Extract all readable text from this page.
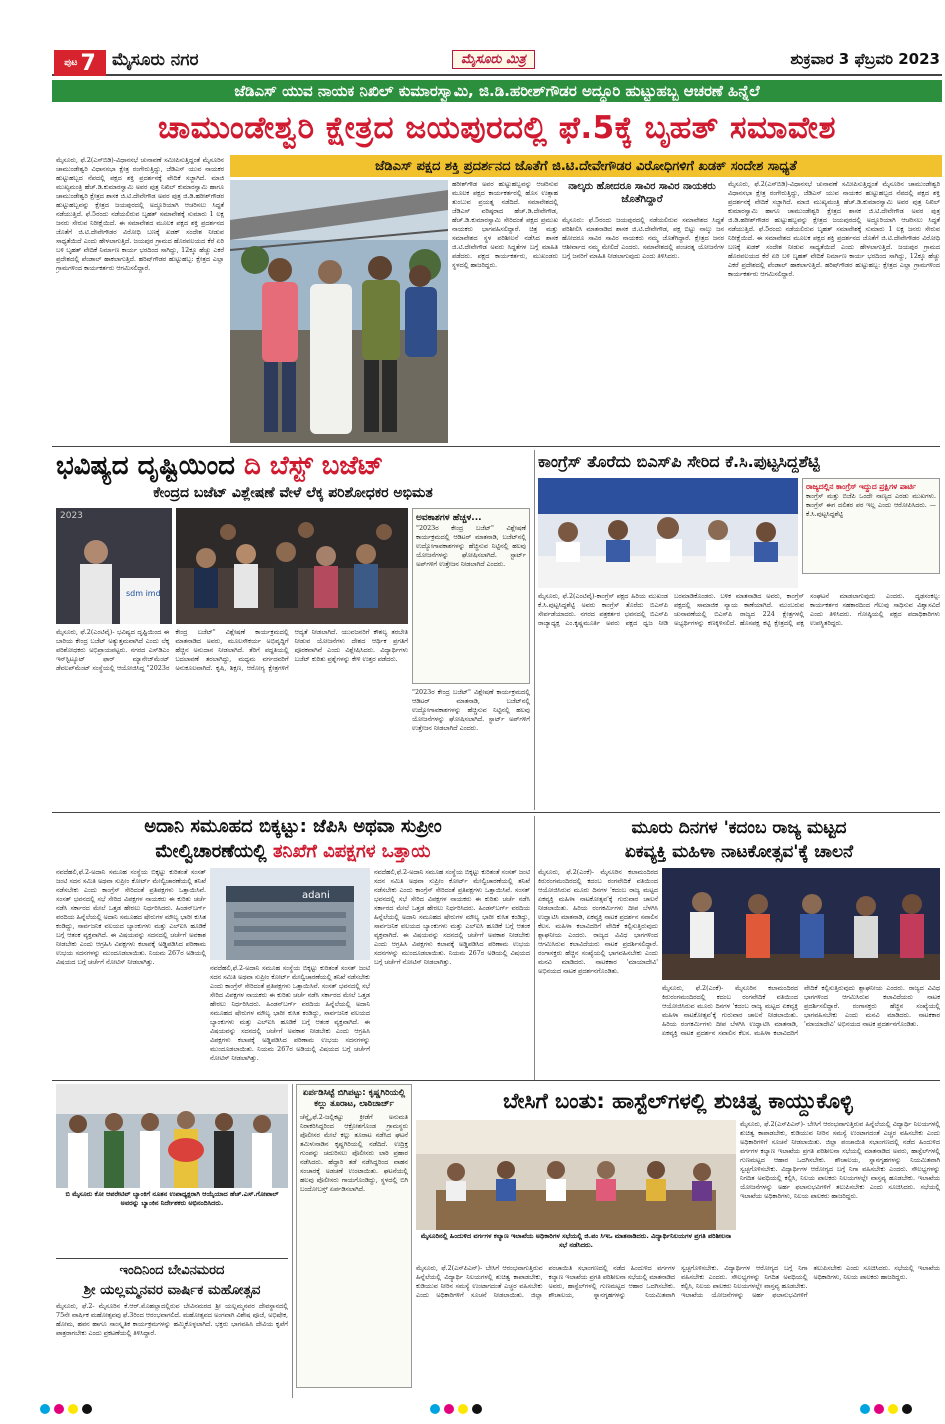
ಪುಟ 7 ಮೈಸೂರು ನಗರ	ಮೈಸೂರು ಮಿತ್ರ	ಶುಕ್ರವಾರ 3 ಫೆಬ್ರವರಿ 2023
ಜೆಡಿಎಸ್ ಯುವ ನಾಯಕ ನಿಖಿಲ್ ಕುಮಾರಸ್ವಾಮಿ, ಜಿ.ಡಿ.ಹರೀಶ್‌ಗೌಡರ ಅದ್ಧೂರಿ ಹುಟ್ಟುಹಬ್ಬ ಆಚರಣೆ ಹಿನ್ನೆಲೆ
ಚಾಮುಂಡೇಶ್ವರಿ ಕ್ಷೇತ್ರದ ಜಯಪುರದಲ್ಲಿ ಫೆ.5ಕ್ಕೆ ಬೃಹತ್ ಸಮಾವೇಶ
ಜೆಡಿಎಸ್ ಪಕ್ಷದ ಶಕ್ತಿ ಪ್ರದರ್ಶನದ ಜೊತೆಗೆ ಜಿ.ಟಿ.ದೇವೇಗೌಡರ ವಿರೋಧಿಗಳಿಗೆ ಖಡಕ್ ಸಂದೇಶ ಸಾಧ್ಯತೆ
ಮೈಸೂರು, ಫೆ.2(ಎಸ್‌ಬಿಡಿ)-ವಿಧಾನಸಭೆ ಚುನಾವಣೆ ಸಮೀಪಿಸುತ್ತಿದ್ದಂತೆ ಮೈಸೂರಿನ ಚಾಮುಂಡೇಶ್ವರಿ ವಿಧಾನಸಭಾ ಕ್ಷೇತ್ರ ರಂಗೇರುತ್ತಿದ್ದು, ಜೆಡಿಎಸ್ ಯುವ ನಾಯಕರ ಹುಟ್ಟುಹಬ್ಬದ ನೆಪದಲ್ಲಿ ಪಕ್ಷದ ಶಕ್ತಿ ಪ್ರದರ್ಶನಕ್ಕೆ ವೇದಿಕೆ ಸಜ್ಜಾಗಿದೆ. ಮಾಜಿ ಮುಖ್ಯಮಂತ್ರಿ ಹೆಚ್.ಡಿ.ಕುಮಾರಸ್ವಾಮಿ ಅವರ ಪುತ್ರ ನಿಖಿಲ್ ಕುಮಾರಸ್ವಾಮಿ ಹಾಗೂ ಚಾಮುಂಡೇಶ್ವರಿ ಕ್ಷೇತ್ರದ ಶಾಸಕ ಜಿ.ಟಿ.ದೇವೇಗೌಡ ಅವರ ಪುತ್ರ ಜಿ.ಡಿ.ಹರೀಶ್‌ಗೌಡರ ಹುಟ್ಟುಹಬ್ಬವನ್ನು ಕ್ಷೇತ್ರದ ಜಯಪುರದಲ್ಲಿ ಅದ್ಧೂರಿಯಾಗಿ ಆಚರಿಸಲು ಸಿದ್ಧತೆ ನಡೆಯುತ್ತಿದೆ. ಫೆ.5ರಂದು ನಡೆಯಲಿರುವ ಬೃಹತ್ ಸಮಾವೇಶಕ್ಕೆ ಸುಮಾರು 1 ಲಕ್ಷ ಜನರು ಸೇರುವ ನಿರೀಕ್ಷೆಯಿದೆ. ಈ ಸಮಾವೇಶದ ಮೂಲಕ ಪಕ್ಷದ ಶಕ್ತಿ ಪ್ರದರ್ಶನದ ಜೊತೆಗೆ ಜಿ.ಟಿ.ದೇವೇಗೌಡರ ವಿರೋಧಿ ಬಣಕ್ಕೆ ಖಡಕ್ ಸಂದೇಶ ನೀಡುವ ಸಾಧ್ಯತೆಯಿದೆ ಎಂದು ಹೇಳಲಾಗುತ್ತಿದೆ. ಜಯಪುರ ಗ್ರಾಮದ ಹೊರವಲಯದ ಕೆರೆ ಏರಿ ಬಳಿ ಬೃಹತ್ ವೇದಿಕೆ ನಿರ್ಮಾಣ ಕಾರ್ಯ ಭರದಿಂದ ಸಾಗಿದ್ದು, 12ಕ್ಕೂ ಹೆಚ್ಚು ಎಕರೆ ಪ್ರದೇಶದಲ್ಲಿ ಪೆಂಡಾಲ್ ಹಾಕಲಾಗುತ್ತಿದೆ. ಹರಿಷ್‌ಗೌಡರ ಹುಟ್ಟುಹಬ್ಬ: ಕ್ಷೇತ್ರದ ಎಲ್ಲಾ ಗ್ರಾಮಗಳಿಂದ ಕಾರ್ಯಕರ್ತರು ಆಗಮಿಸಲಿದ್ದಾರೆ.
ಹರೀಶ್‌ಗೌಡ ಅವರ ಹುಟ್ಟುಹಬ್ಬವನ್ನು ಆಚರಿಸುವ ಮೂಲಕ ಪಕ್ಷದ ಕಾರ್ಯಕರ್ತರಲ್ಲಿ ಹೊಸ ಉತ್ಸಾಹ ತುಂಬುವ ಪ್ರಯತ್ನ ನಡೆದಿದೆ. ಸಮಾವೇಶದಲ್ಲಿ ಜೆಡಿಎಸ್ ವರಿಷ್ಠರಾದ ಹೆಚ್.ಡಿ.ದೇವೇಗೌಡ, ಹೆಚ್.ಡಿ.ಕುಮಾರಸ್ವಾಮಿ ಸೇರಿದಂತೆ ಪಕ್ಷದ ಪ್ರಮುಖ ನಾಯಕರು ಭಾಗವಹಿಸಲಿದ್ದಾರೆ. ಚಿತ್ರ ಮತ್ತು ಸಮಾವೇಶದ ಸ್ಥಳ ಪರಿಶೀಲನೆ ನಡೆಸಿದ ಶಾಸಕ ಜಿ.ಟಿ.ದೇವೇಗೌಡ ಅವರು ಸಿದ್ಧತೆಗಳ ಬಗ್ಗೆ ಮಾಹಿತಿ ಪಡೆದರು. ಪಕ್ಷದ ಕಾರ್ಯಕರ್ತರು, ಮುಖಂಡರು ಸ್ಥಳದಲ್ಲಿ ಹಾಜರಿದ್ದರು.
ನಾಲ್ಕರು ಹೋದರೂ ಸಾವಿರ ಸಾವಿರ ನಾಯಕರು ಜೊತೆಗಿದ್ದಾರೆ
ಮೈಸೂರು: ಫೆ.5ರಂದು ಜಯಪುರದಲ್ಲಿ ನಡೆಯಲಿರುವ ಸಮಾವೇಶದ ಸಿದ್ಧತೆ ಪರಿಶೀಲಿಸಿ ಮಾತನಾಡಿದ ಶಾಸಕ ಜಿ.ಟಿ.ದೇವೇಗೌಡ, ಪಕ್ಷ ಬಿಟ್ಟು ನಾಲ್ಕು ಜನ ಹೋದರೂ ಸಾವಿರ ಸಾವಿರ ನಾಯಕರು ನಮ್ಮ ಜೊತೆಗಿದ್ದಾರೆ. ಕ್ಷೇತ್ರದ ಜನರ ಆಶೀರ್ವಾದ ನಮ್ಮ ಮೇಲಿದೆ ಎಂದರು. ಸಮಾವೇಶದಲ್ಲಿ ಪಂಚರತ್ನ ಯೋಜನೆಗಳ ಬಗ್ಗೆ ಜನರಿಗೆ ಮಾಹಿತಿ ನೀಡಲಾಗುವುದು ಎಂದು ತಿಳಿಸಿದರು.
ಮೈಸೂರು, ಫೆ.2(ಎಸ್‌ಬಿಡಿ)-ವಿಧಾನಸಭೆ ಚುನಾವಣೆ ಸಮೀಪಿಸುತ್ತಿದ್ದಂತೆ ಮೈಸೂರಿನ ಚಾಮುಂಡೇಶ್ವರಿ ವಿಧಾನಸಭಾ ಕ್ಷೇತ್ರ ರಂಗೇರುತ್ತಿದ್ದು, ಜೆಡಿಎಸ್ ಯುವ ನಾಯಕರ ಹುಟ್ಟುಹಬ್ಬದ ನೆಪದಲ್ಲಿ ಪಕ್ಷದ ಶಕ್ತಿ ಪ್ರದರ್ಶನಕ್ಕೆ ವೇದಿಕೆ ಸಜ್ಜಾಗಿದೆ. ಮಾಜಿ ಮುಖ್ಯಮಂತ್ರಿ ಹೆಚ್.ಡಿ.ಕುಮಾರಸ್ವಾಮಿ ಅವರ ಪುತ್ರ ನಿಖಿಲ್ ಕುಮಾರಸ್ವಾಮಿ ಹಾಗೂ ಚಾಮುಂಡೇಶ್ವರಿ ಕ್ಷೇತ್ರದ ಶಾಸಕ ಜಿ.ಟಿ.ದೇವೇಗೌಡ ಅವರ ಪುತ್ರ ಜಿ.ಡಿ.ಹರೀಶ್‌ಗೌಡರ ಹುಟ್ಟುಹಬ್ಬವನ್ನು ಕ್ಷೇತ್ರದ ಜಯಪುರದಲ್ಲಿ ಅದ್ಧೂರಿಯಾಗಿ ಆಚರಿಸಲು ಸಿದ್ಧತೆ ನಡೆಯುತ್ತಿದೆ. ಫೆ.5ರಂದು ನಡೆಯಲಿರುವ ಬೃಹತ್ ಸಮಾವೇಶಕ್ಕೆ ಸುಮಾರು 1 ಲಕ್ಷ ಜನರು ಸೇರುವ ನಿರೀಕ್ಷೆಯಿದೆ. ಈ ಸಮಾವೇಶದ ಮೂಲಕ ಪಕ್ಷದ ಶಕ್ತಿ ಪ್ರದರ್ಶನದ ಜೊತೆಗೆ ಜಿ.ಟಿ.ದೇವೇಗೌಡರ ವಿರೋಧಿ ಬಣಕ್ಕೆ ಖಡಕ್ ಸಂದೇಶ ನೀಡುವ ಸಾಧ್ಯತೆಯಿದೆ ಎಂದು ಹೇಳಲಾಗುತ್ತಿದೆ. ಜಯಪುರ ಗ್ರಾಮದ ಹೊರವಲಯದ ಕೆರೆ ಏರಿ ಬಳಿ ಬೃಹತ್ ವೇದಿಕೆ ನಿರ್ಮಾಣ ಕಾರ್ಯ ಭರದಿಂದ ಸಾಗಿದ್ದು, 12ಕ್ಕೂ ಹೆಚ್ಚು ಎಕರೆ ಪ್ರದೇಶದಲ್ಲಿ ಪೆಂಡಾಲ್ ಹಾಕಲಾಗುತ್ತಿದೆ. ಹರಿಷ್‌ಗೌಡರ ಹುಟ್ಟುಹಬ್ಬ: ಕ್ಷೇತ್ರದ ಎಲ್ಲಾ ಗ್ರಾಮಗಳಿಂದ ಕಾರ್ಯಕರ್ತರು ಆಗಮಿಸಲಿದ್ದಾರೆ.
ಭವಿಷ್ಯದ ದೃಷ್ಟಿಯಿಂದ ದಿ ಬೆಸ್ಟ್ ಬಜೆಟ್
ಕೇಂದ್ರದ ಬಜೆಟ್ ವಿಶ್ಲೇಷಣೆ ವೇಳೆ ಲೆಕ್ಕ ಪರಿಶೋಧಕರ ಅಭಿಮತ
2023
sdm imd
ಅವಕಾಶಗಳ ಹೆಚ್ಚಳ...
"2023ರ ಕೇಂದ್ರ ಬಜೆಟ್" ವಿಶ್ಲೇಷಣೆ ಕಾರ್ಯಕ್ರಮದಲ್ಲಿ ಆಡಿಟರ್ ಮಾತನಾಡಿ, ಬಜೆಟ್‌ನಲ್ಲಿ ಉದ್ಯೋಗಾವಕಾಶಗಳನ್ನು ಹೆಚ್ಚಿಸುವ ನಿಟ್ಟಿನಲ್ಲಿ ಹಲವು ಯೋಜನೆಗಳನ್ನು ಘೋಷಿಸಲಾಗಿದೆ. ಸ್ಟಾರ್ಟ್ ಅಪ್‌ಗಳಿಗೆ ಉತ್ತೇಜನ ನೀಡಲಾಗಿದೆ ಎಂದರು.
ಮೈಸೂರು, ಫೆ.2(ಎಂಟಿವೈ)- ಭವಿಷ್ಯದ ದೃಷ್ಟಿಯಿಂದ ಈ ಬಾರಿಯ ಕೇಂದ್ರ ಬಜೆಟ್ ಅತ್ಯುತ್ತಮವಾಗಿದೆ ಎಂದು ಲೆಕ್ಕ ಪರಿಶೋಧಕರು ಅಭಿಪ್ರಾಯಪಟ್ಟರು. ನಗರದ ಎಸ್‌ಡಿಎಂ ಇನ್‌ಸ್ಟಿಟ್ಯೂಟ್ ಫಾರ್ ಮ್ಯಾನೇಜ್‌ಮೆಂಟ್ ಡೆವಲಪ್‌ಮೆಂಟ್ ಸಂಸ್ಥೆಯಲ್ಲಿ ಆಯೋಜಿಸಿದ್ದ "2023ರ ಕೇಂದ್ರ ಬಜೆಟ್" ವಿಶ್ಲೇಷಣೆ ಕಾರ್ಯಕ್ರಮದಲ್ಲಿ ಮಾತನಾಡಿದ ಅವರು, ಮೂಲಸೌಕರ್ಯ ಅಭಿವೃದ್ಧಿಗೆ ಹೆಚ್ಚಿನ ಅನುದಾನ ನೀಡಲಾಗಿದೆ. ತೆರಿಗೆ ಪದ್ಧತಿಯಲ್ಲಿ ಬದಲಾವಣೆ ತರಲಾಗಿದ್ದು, ಮಧ್ಯಮ ವರ್ಗದವರಿಗೆ ಅನುಕೂಲವಾಗಿದೆ. ಕೃಷಿ, ಶಿಕ್ಷಣ, ಆರೋಗ್ಯ ಕ್ಷೇತ್ರಗಳಿಗೆ ಆದ್ಯತೆ ನೀಡಲಾಗಿದೆ. ಯುವಜನರಿಗೆ ಕೌಶಲ್ಯ ತರಬೇತಿ ನೀಡುವ ಯೋಜನೆಗಳು ದೇಶದ ಆರ್ಥಿಕ ಪ್ರಗತಿಗೆ ಪೂರಕವಾಗಿವೆ ಎಂದು ವಿಶ್ಲೇಷಿಸಿದರು. ವಿದ್ಯಾರ್ಥಿಗಳು ಬಜೆಟ್ ಕುರಿತು ಪ್ರಶ್ನೆಗಳನ್ನು ಕೇಳಿ ಉತ್ತರ ಪಡೆದರು.
"2023ರ ಕೇಂದ್ರ ಬಜೆಟ್" ವಿಶ್ಲೇಷಣೆ ಕಾರ್ಯಕ್ರಮದಲ್ಲಿ ಆಡಿಟರ್ ಮಾತನಾಡಿ, ಬಜೆಟ್‌ನಲ್ಲಿ ಉದ್ಯೋಗಾವಕಾಶಗಳನ್ನು ಹೆಚ್ಚಿಸುವ ನಿಟ್ಟಿನಲ್ಲಿ ಹಲವು ಯೋಜನೆಗಳನ್ನು ಘೋಷಿಸಲಾಗಿದೆ. ಸ್ಟಾರ್ಟ್ ಅಪ್‌ಗಳಿಗೆ ಉತ್ತೇಜನ ನೀಡಲಾಗಿದೆ ಎಂದರು.
ಕಾಂಗ್ರೆಸ್ ತೊರೆದು ಬಿಎಸ್‌ಪಿ ಸೇರಿದ ಕೆ.ಸಿ.ಪುಟ್ಟಸಿದ್ದಶೆಟ್ಟಿ
ರಾಜ್ಯದಲ್ಲಿನ ಕಾಂಗ್ರೆಸ್ ಇದ್ದುದ ಪ್ರಕ್ಷಿಗಳ ಪಾರ್ಟಿ
ಕಾಂಗ್ರೆಸ್ ಮತ್ತು ಬಿಜೆಪಿ ಒಂದೇ ನಾಣ್ಯದ ಎರಡು ಮುಖಗಳು. ಕಾಂಗ್ರೆಸ್ ಈಗ ದಲಿತರ ಪರ ಇಲ್ಲ ಎಂದು ಆರೋಪಿಸಿದರು. — ಕೆ.ಸಿ.ಪುಟ್ಟಸಿದ್ದಶೆಟ್ಟಿ
ಮೈಸೂರು, ಫೆ.2(ಎಂಟಿವೈ)-ಕಾಂಗ್ರೆಸ್ ಪಕ್ಷದ ಹಿರಿಯ ಮುಖಂಡ ಕೆ.ಸಿ.ಪುಟ್ಟಸಿದ್ದಶೆಟ್ಟಿ ಅವರು ಕಾಂಗ್ರೆಸ್ ತೊರೆದು ಬಿಎಸ್‌ಪಿ ಸೇರ್ಪಡೆಯಾದರು. ನಗರದ ಪತ್ರಕರ್ತರ ಭವನದಲ್ಲಿ ಬಿಎಸ್‌ಪಿ ರಾಜ್ಯಾಧ್ಯಕ್ಷ ಎಂ.ಕೃಷ್ಣಮೂರ್ತಿ ಅವರು ಪಕ್ಷದ ಧ್ವಜ ನೀಡಿ ಬರಮಾಡಿಕೊಂಡರು. ಬಳಿಕ ಮಾತನಾಡಿದ ಅವರು, ಕಾಂಗ್ರೆಸ್ ಪಕ್ಷದಲ್ಲಿ ಸಾಮಾಜಿಕ ನ್ಯಾಯ ಕಾಣೆಯಾಗಿದೆ. ಮುಂಬರುವ ಚುನಾವಣೆಯಲ್ಲಿ ಬಿಎಸ್‌ಪಿ ರಾಜ್ಯದ 224 ಕ್ಷೇತ್ರಗಳಲ್ಲಿ ಅಭ್ಯರ್ಥಿಗಳನ್ನು ಕಣಕ್ಕಿಳಿಸಲಿದೆ. ಹೊಸಪಕ್ಷ ಕಟ್ಟಿ ಕ್ಷೇತ್ರದಲ್ಲಿ ಪಕ್ಷ ಸಂಘಟನೆ ಮಾಡಲಾಗುವುದು ಎಂದರು. ದೃಢಸಂಕಲ್ಪ: ಕಾರ್ಯಕರ್ತರ ಸಹಕಾರದಿಂದ ಗೆಲುವು ಸಾಧಿಸುವ ವಿಶ್ವಾಸವಿದೆ ಎಂದು ತಿಳಿಸಿದರು. ಗೋಷ್ಠಿಯಲ್ಲಿ ಪಕ್ಷದ ಪದಾಧಿಕಾರಿಗಳು ಉಪಸ್ಥಿತರಿದ್ದರು.
ಅದಾನಿ ಸಮೂಹದ ಬಿಕ್ಕಟ್ಟು: ಜೆಪಿಸಿ ಅಥವಾ ಸುಪ್ರೀಂ
ಮೇಲ್ವಿಚಾರಣೆಯಲ್ಲಿ ತನಿಖೆಗೆ ವಿಪಕ್ಷಗಳ ಒತ್ತಾಯ
ನವದೆಹಲಿ,ಫೆ.2-ಅದಾನಿ ಸಮೂಹ ಸಂಸ್ಥೆಯ ಬಿಕ್ಕಟ್ಟು ಕುರಿತಂತೆ ಸಂಸತ್ ಜಂಟಿ ಸದನ ಸಮಿತಿ ಅಥವಾ ಸುಪ್ರೀಂ ಕೋರ್ಟ್ ಮೇಲ್ವಿಚಾರಣೆಯಲ್ಲಿ ತನಿಖೆ ನಡೆಸಬೇಕು ಎಂದು ಕಾಂಗ್ರೆಸ್ ಸೇರಿದಂತೆ ಪ್ರತಿಪಕ್ಷಗಳು ಒತ್ತಾಯಿಸಿವೆ. ಸಂಸತ್ ಭವನದಲ್ಲಿ ಸಭೆ ಸೇರಿದ ವಿಪಕ್ಷಗಳ ನಾಯಕರು ಈ ಕುರಿತು ಚರ್ಚೆ ನಡೆಸಿ ಸರ್ಕಾರದ ಮೇಲೆ ಒತ್ತಡ ಹೇರಲು ನಿರ್ಧರಿಸಿದರು. ಹಿಂಡನ್‌ಬರ್ಗ್ ವರದಿಯ ಹಿನ್ನೆಲೆಯಲ್ಲಿ ಅದಾನಿ ಸಮೂಹದ ಷೇರುಗಳ ಮೌಲ್ಯ ಭಾರೀ ಕುಸಿತ ಕಂಡಿದ್ದು, ಸಾರ್ವಜನಿಕ ವಲಯದ ಬ್ಯಾಂಕುಗಳು ಮತ್ತು ಎಲ್‌ಐಸಿ ಹೂಡಿಕೆ ಬಗ್ಗೆ ಆತಂಕ ವ್ಯಕ್ತವಾಗಿದೆ. ಈ ವಿಷಯವನ್ನು ಸದನದಲ್ಲಿ ಚರ್ಚೆಗೆ ಅವಕಾಶ ನೀಡಬೇಕು ಎಂದು ಆಗ್ರಹಿಸಿ ವಿಪಕ್ಷಗಳು ಕಲಾಪಕ್ಕೆ ಅಡ್ಡಿಪಡಿಸಿದ ಪರಿಣಾಮ ಉಭಯ ಸದನಗಳನ್ನು ಮುಂದೂಡಲಾಯಿತು. ನಿಯಮ 267ರ ಅಡಿಯಲ್ಲಿ ವಿಷಯದ ಬಗ್ಗೆ ಚರ್ಚೆಗೆ ನೋಟಿಸ್ ನೀಡಲಾಗಿತ್ತು.
adani
ನವದೆಹಲಿ,ಫೆ.2-ಅದಾನಿ ಸಮೂಹ ಸಂಸ್ಥೆಯ ಬಿಕ್ಕಟ್ಟು ಕುರಿತಂತೆ ಸಂಸತ್ ಜಂಟಿ ಸದನ ಸಮಿತಿ ಅಥವಾ ಸುಪ್ರೀಂ ಕೋರ್ಟ್ ಮೇಲ್ವಿಚಾರಣೆಯಲ್ಲಿ ತನಿಖೆ ನಡೆಸಬೇಕು ಎಂದು ಕಾಂಗ್ರೆಸ್ ಸೇರಿದಂತೆ ಪ್ರತಿಪಕ್ಷಗಳು ಒತ್ತಾಯಿಸಿವೆ. ಸಂಸತ್ ಭವನದಲ್ಲಿ ಸಭೆ ಸೇರಿದ ವಿಪಕ್ಷಗಳ ನಾಯಕರು ಈ ಕುರಿತು ಚರ್ಚೆ ನಡೆಸಿ ಸರ್ಕಾರದ ಮೇಲೆ ಒತ್ತಡ ಹೇರಲು ನಿರ್ಧರಿಸಿದರು. ಹಿಂಡನ್‌ಬರ್ಗ್ ವರದಿಯ ಹಿನ್ನೆಲೆಯಲ್ಲಿ ಅದಾನಿ ಸಮೂಹದ ಷೇರುಗಳ ಮೌಲ್ಯ ಭಾರೀ ಕುಸಿತ ಕಂಡಿದ್ದು, ಸಾರ್ವಜನಿಕ ವಲಯದ ಬ್ಯಾಂಕುಗಳು ಮತ್ತು ಎಲ್‌ಐಸಿ ಹೂಡಿಕೆ ಬಗ್ಗೆ ಆತಂಕ ವ್ಯಕ್ತವಾಗಿದೆ. ಈ ವಿಷಯವನ್ನು ಸದನದಲ್ಲಿ ಚರ್ಚೆಗೆ ಅವಕಾಶ ನೀಡಬೇಕು ಎಂದು ಆಗ್ರಹಿಸಿ ವಿಪಕ್ಷಗಳು ಕಲಾಪಕ್ಕೆ ಅಡ್ಡಿಪಡಿಸಿದ ಪರಿಣಾಮ ಉಭಯ ಸದನಗಳನ್ನು ಮುಂದೂಡಲಾಯಿತು. ನಿಯಮ 267ರ ಅಡಿಯಲ್ಲಿ ವಿಷಯದ ಬಗ್ಗೆ ಚರ್ಚೆಗೆ ನೋಟಿಸ್ ನೀಡಲಾಗಿತ್ತು.
ನವದೆಹಲಿ,ಫೆ.2-ಅದಾನಿ ಸಮೂಹ ಸಂಸ್ಥೆಯ ಬಿಕ್ಕಟ್ಟು ಕುರಿತಂತೆ ಸಂಸತ್ ಜಂಟಿ ಸದನ ಸಮಿತಿ ಅಥವಾ ಸುಪ್ರೀಂ ಕೋರ್ಟ್ ಮೇಲ್ವಿಚಾರಣೆಯಲ್ಲಿ ತನಿಖೆ ನಡೆಸಬೇಕು ಎಂದು ಕಾಂಗ್ರೆಸ್ ಸೇರಿದಂತೆ ಪ್ರತಿಪಕ್ಷಗಳು ಒತ್ತಾಯಿಸಿವೆ. ಸಂಸತ್ ಭವನದಲ್ಲಿ ಸಭೆ ಸೇರಿದ ವಿಪಕ್ಷಗಳ ನಾಯಕರು ಈ ಕುರಿತು ಚರ್ಚೆ ನಡೆಸಿ ಸರ್ಕಾರದ ಮೇಲೆ ಒತ್ತಡ ಹೇರಲು ನಿರ್ಧರಿಸಿದರು. ಹಿಂಡನ್‌ಬರ್ಗ್ ವರದಿಯ ಹಿನ್ನೆಲೆಯಲ್ಲಿ ಅದಾನಿ ಸಮೂಹದ ಷೇರುಗಳ ಮೌಲ್ಯ ಭಾರೀ ಕುಸಿತ ಕಂಡಿದ್ದು, ಸಾರ್ವಜನಿಕ ವಲಯದ ಬ್ಯಾಂಕುಗಳು ಮತ್ತು ಎಲ್‌ಐಸಿ ಹೂಡಿಕೆ ಬಗ್ಗೆ ಆತಂಕ ವ್ಯಕ್ತವಾಗಿದೆ. ಈ ವಿಷಯವನ್ನು ಸದನದಲ್ಲಿ ಚರ್ಚೆಗೆ ಅವಕಾಶ ನೀಡಬೇಕು ಎಂದು ಆಗ್ರಹಿಸಿ ವಿಪಕ್ಷಗಳು ಕಲಾಪಕ್ಕೆ ಅಡ್ಡಿಪಡಿಸಿದ ಪರಿಣಾಮ ಉಭಯ ಸದನಗಳನ್ನು ಮುಂದೂಡಲಾಯಿತು. ನಿಯಮ 267ರ ಅಡಿಯಲ್ಲಿ ವಿಷಯದ ಬಗ್ಗೆ ಚರ್ಚೆಗೆ ನೋಟಿಸ್ ನೀಡಲಾಗಿತ್ತು.
ಮೂರು ದಿನಗಳ 'ಕದಂಬ ರಾಜ್ಯ ಮಟ್ಟದ
ಏಕವ್ಯಕ್ತಿ ಮಹಿಳಾ ನಾಟಕೋತ್ಸವ'ಕ್ಕೆ ಚಾಲನೆ
ಮೈಸೂರು, ಫೆ.2(ಎಂಕೆ)- ಮೈಸೂರಿನ ಕಲಾಮಂದಿರದ ಕಿರುರಂಗಮಂದಿರದಲ್ಲಿ ಕದಂಬ ರಂಗವೇದಿಕೆ ವತಿಯಿಂದ ಆಯೋಜಿಸಿರುವ ಮೂರು ದಿನಗಳ 'ಕದಂಬ ರಾಜ್ಯ ಮಟ್ಟದ ಏಕವ್ಯಕ್ತಿ ಮಹಿಳಾ ನಾಟಕೋತ್ಸವ'ಕ್ಕೆ ಗುರುವಾರ ಚಾಲನೆ ನೀಡಲಾಯಿತು. ಹಿರಿಯ ರಂಗಕರ್ಮಿಗಳು ದೀಪ ಬೆಳಗಿಸಿ ಉದ್ಘಾಟಿಸಿ ಮಾತನಾಡಿ, ಏಕವ್ಯಕ್ತಿ ನಾಟಕ ಪ್ರದರ್ಶನ ಸವಾಲಿನ ಕೆಲಸ. ಮಹಿಳಾ ಕಲಾವಿದರಿಗೆ ವೇದಿಕೆ ಕಲ್ಪಿಸುತ್ತಿರುವುದು ಶ್ಲಾಘನೀಯ ಎಂದರು. ರಾಜ್ಯದ ವಿವಿಧ ಭಾಗಗಳಿಂದ ಆಗಮಿಸಿರುವ ಕಲಾವಿದೆಯರು ನಾಟಕ ಪ್ರದರ್ಶಿಸಲಿದ್ದಾರೆ. ರಂಗಾಸಕ್ತರು ಹೆಚ್ಚಿನ ಸಂಖ್ಯೆಯಲ್ಲಿ ಭಾಗವಹಿಸಬೇಕು ಎಂದು ಮನವಿ ಮಾಡಿದರು. ನಾಟಕಕಾರ 'ಮಾಯಾದೇವಿ' ಅಭಿನಯದ ನಾಟಕ ಪ್ರದರ್ಶನಗೊಂಡಿತು.
ಮೈಸೂರು, ಫೆ.2(ಎಂಕೆ)- ಮೈಸೂರಿನ ಕಲಾಮಂದಿರದ ಕಿರುರಂಗಮಂದಿರದಲ್ಲಿ ಕದಂಬ ರಂಗವೇದಿಕೆ ವತಿಯಿಂದ ಆಯೋಜಿಸಿರುವ ಮೂರು ದಿನಗಳ 'ಕದಂಬ ರಾಜ್ಯ ಮಟ್ಟದ ಏಕವ್ಯಕ್ತಿ ಮಹಿಳಾ ನಾಟಕೋತ್ಸವ'ಕ್ಕೆ ಗುರುವಾರ ಚಾಲನೆ ನೀಡಲಾಯಿತು. ಹಿರಿಯ ರಂಗಕರ್ಮಿಗಳು ದೀಪ ಬೆಳಗಿಸಿ ಉದ್ಘಾಟಿಸಿ ಮಾತನಾಡಿ, ಏಕವ್ಯಕ್ತಿ ನಾಟಕ ಪ್ರದರ್ಶನ ಸವಾಲಿನ ಕೆಲಸ. ಮಹಿಳಾ ಕಲಾವಿದರಿಗೆ ವೇದಿಕೆ ಕಲ್ಪಿಸುತ್ತಿರುವುದು ಶ್ಲಾಘನೀಯ ಎಂದರು. ರಾಜ್ಯದ ವಿವಿಧ ಭಾಗಗಳಿಂದ ಆಗಮಿಸಿರುವ ಕಲಾವಿದೆಯರು ನಾಟಕ ಪ್ರದರ್ಶಿಸಲಿದ್ದಾರೆ. ರಂಗಾಸಕ್ತರು ಹೆಚ್ಚಿನ ಸಂಖ್ಯೆಯಲ್ಲಿ ಭಾಗವಹಿಸಬೇಕು ಎಂದು ಮನವಿ ಮಾಡಿದರು. ನಾಟಕಕಾರ 'ಮಾಯಾದೇವಿ' ಅಭಿನಯದ ನಾಟಕ ಪ್ರದರ್ಶನಗೊಂಡಿತು.
ಬಿ ಮೈಸೂರು ಕೋ ಆಪರೇಟಿವ್ ಬ್ಯಾಂಕಿಗೆ ನೂತನ ಉಪಾಧ್ಯಕ್ಷರಾಗಿ ಆಯ್ಕೆಯಾದ ಹೆಚ್.ಎಸ್.ಗೋಪಾಲ್ ಅವರನ್ನು ಬ್ಯಾಂಕಿನ ನಿರ್ದೇಶಕರು ಅಭಿನಂದಿಸಿದರು.
ಇಂದಿನಿಂದ ಬೇವಿನಮರದ
ಶ್ರೀ ಯಲ್ಲಮ್ಮನವರ ವಾರ್ಷಿಕ ಮಹೋತ್ಸವ
ಮೈಸೂರು, ಫೆ.2- ಮೈಸೂರಿನ ಕೆ.ಆರ್.ಮೊಹಲ್ಲಾದಲ್ಲಿರುವ ಬೇವಿನಮರದ ಶ್ರೀ ಯಲ್ಲಮ್ಮನವರ ದೇವಸ್ಥಾನದಲ್ಲಿ 75ನೇ ವಾರ್ಷಿಕ ಮಹೋತ್ಸವವು ಫೆ.3ರಿಂದ ಆರಂಭವಾಗಲಿದೆ. ಮಹೋತ್ಸವದ ಅಂಗವಾಗಿ ವಿಶೇಷ ಪೂಜೆ, ಅಭಿಷೇಕ, ಹೋಮ, ಹವನ ಹಾಗೂ ಸಾಂಸ್ಕೃತಿಕ ಕಾರ್ಯಕ್ರಮಗಳನ್ನು ಹಮ್ಮಿಕೊಳ್ಳಲಾಗಿದೆ. ಭಕ್ತರು ಭಾಗವಹಿಸಿ ದೇವಿಯ ಕೃಪೆಗೆ ಪಾತ್ರರಾಗಬೇಕು ಎಂದು ಪ್ರಕಟಣೆಯಲ್ಲಿ ತಿಳಿಸಿದ್ದಾರೆ.
ಏರ್ಪಡಿಸಿಟ್ಟೆ ಬಿಗಿಪಟ್ಟು: ಕೃಷ್ಣಗಿರಿಯಲ್ಲಿ ಕಲ್ಲು ತೂರಾಟ, ಲಾಠಿಚಾರ್ಜ್
ಚೆನ್ನೈ,ಫೆ.2-ಜಲ್ಲಿಕಟ್ಟು ಕ್ರೀಡೆಗೆ ಅನುಮತಿ ನಿರಾಕರಿಸಿದ್ದರಿಂದ ಆಕ್ರೋಶಗೊಂಡ ಗ್ರಾಮಸ್ಥರು ಪೊಲೀಸರ ಮೇಲೆ ಕಲ್ಲು ತೂರಾಟ ನಡೆಸಿದ ಘಟನೆ ತಮಿಳುನಾಡಿನ ಕೃಷ್ಣಗಿರಿಯಲ್ಲಿ ನಡೆದಿದೆ. ಉದ್ರಿಕ್ತ ಗುಂಪನ್ನು ಚದುರಿಸಲು ಪೊಲೀಸರು ಲಾಠಿ ಪ್ರಹಾರ ನಡೆಸಿದರು. ಹೆದ್ದಾರಿ ತಡೆ ನಡೆಸಿದ್ದರಿಂದ ವಾಹನ ಸಂಚಾರಕ್ಕೆ ಅಡಚಣೆ ಉಂಟಾಯಿತು. ಘಟನೆಯಲ್ಲಿ ಹಲವು ಪೊಲೀಸರು ಗಾಯಗೊಂಡಿದ್ದು, ಸ್ಥಳದಲ್ಲಿ ಬಿಗಿ ಬಂದೋಬಸ್ತ್ ಏರ್ಪಡಿಸಲಾಗಿದೆ.
ಬೇಸಿಗೆ ಬಂತು: ಹಾಸ್ಟೆಲ್‌ಗಳಲ್ಲಿ ಶುಚಿತ್ವ ಕಾಯ್ದುಕೊಳ್ಳಿ
ಮೈಸೂರಿನಲ್ಲಿ ಹಿಂದುಳಿದ ವರ್ಗಗಳ ಕಲ್ಯಾಣ ಇಲಾಖೆಯ ಅಧಿಕಾರಿಗಳ ಸಭೆಯಲ್ಲಿ ಜಿ.ಪಂ ಸಿಇಒ ಮಾತನಾಡಿದರು. ವಿದ್ಯಾರ್ಥಿನಿಲಯಗಳ ಪ್ರಗತಿ ಪರಿಶೀಲನಾ ಸಭೆ ನಡೆಸಿದರು.
ಮೈಸೂರು, ಫೆ.2(ಎಸ್‌ಪಿಎನ್)- ಬೇಸಿಗೆ ಆರಂಭವಾಗುತ್ತಿರುವ ಹಿನ್ನೆಲೆಯಲ್ಲಿ ವಿದ್ಯಾರ್ಥಿ ನಿಲಯಗಳಲ್ಲಿ ಶುಚಿತ್ವ ಕಾಪಾಡಬೇಕು, ಕುಡಿಯುವ ನೀರಿನ ಸಮಸ್ಯೆ ಉಂಟಾಗದಂತೆ ಎಚ್ಚರ ವಹಿಸಬೇಕು ಎಂದು ಅಧಿಕಾರಿಗಳಿಗೆ ಸೂಚನೆ ನೀಡಲಾಯಿತು. ಜಿಲ್ಲಾ ಪಂಚಾಯಿತಿ ಸಭಾಂಗಣದಲ್ಲಿ ನಡೆದ ಹಿಂದುಳಿದ ವರ್ಗಗಳ ಕಲ್ಯಾಣ ಇಲಾಖೆಯ ಪ್ರಗತಿ ಪರಿಶೀಲನಾ ಸಭೆಯಲ್ಲಿ ಮಾತನಾಡಿದ ಅವರು, ಹಾಸ್ಟೆಲ್‌ಗಳಲ್ಲಿ ಗುಣಮಟ್ಟದ ಆಹಾರ ಒದಗಿಸಬೇಕು. ಶೌಚಾಲಯ, ಸ್ನಾನಗೃಹಗಳನ್ನು ನಿಯಮಿತವಾಗಿ ಸ್ವಚ್ಛಗೊಳಿಸಬೇಕು. ವಿದ್ಯಾರ್ಥಿಗಳ ಆರೋಗ್ಯದ ಬಗ್ಗೆ ನಿಗಾ ವಹಿಸಬೇಕು ಎಂದರು. ಸೌಲಭ್ಯಗಳನ್ನು ನಿಗದಿತ ಅವಧಿಯಲ್ಲಿ ಕಲ್ಪಿಸಿ, ನಿಲಯ ಪಾಲಕರು ನಿಲಯಗಳಲ್ಲೇ ವಾಸ್ತವ್ಯ ಹೂಡಬೇಕು. ಇಲಾಖೆಯ ಯೋಜನೆಗಳನ್ನು ಅರ್ಹ ಫಲಾನುಭವಿಗಳಿಗೆ ತಲುಪಿಸಬೇಕು ಎಂದು ಸೂಚಿಸಿದರು. ಸಭೆಯಲ್ಲಿ ಇಲಾಖೆಯ ಅಧಿಕಾರಿಗಳು, ನಿಲಯ ಪಾಲಕರು ಹಾಜರಿದ್ದರು.
ಮೈಸೂರು, ಫೆ.2(ಎಸ್‌ಪಿಎನ್)- ಬೇಸಿಗೆ ಆರಂಭವಾಗುತ್ತಿರುವ ಹಿನ್ನೆಲೆಯಲ್ಲಿ ವಿದ್ಯಾರ್ಥಿ ನಿಲಯಗಳಲ್ಲಿ ಶುಚಿತ್ವ ಕಾಪಾಡಬೇಕು, ಕುಡಿಯುವ ನೀರಿನ ಸಮಸ್ಯೆ ಉಂಟಾಗದಂತೆ ಎಚ್ಚರ ವಹಿಸಬೇಕು ಎಂದು ಅಧಿಕಾರಿಗಳಿಗೆ ಸೂಚನೆ ನೀಡಲಾಯಿತು. ಜಿಲ್ಲಾ ಪಂಚಾಯಿತಿ ಸಭಾಂಗಣದಲ್ಲಿ ನಡೆದ ಹಿಂದುಳಿದ ವರ್ಗಗಳ ಕಲ್ಯಾಣ ಇಲಾಖೆಯ ಪ್ರಗತಿ ಪರಿಶೀಲನಾ ಸಭೆಯಲ್ಲಿ ಮಾತನಾಡಿದ ಅವರು, ಹಾಸ್ಟೆಲ್‌ಗಳಲ್ಲಿ ಗುಣಮಟ್ಟದ ಆಹಾರ ಒದಗಿಸಬೇಕು. ಶೌಚಾಲಯ, ಸ್ನಾನಗೃಹಗಳನ್ನು ನಿಯಮಿತವಾಗಿ ಸ್ವಚ್ಛಗೊಳಿಸಬೇಕು. ವಿದ್ಯಾರ್ಥಿಗಳ ಆರೋಗ್ಯದ ಬಗ್ಗೆ ನಿಗಾ ವಹಿಸಬೇಕು ಎಂದರು. ಸೌಲಭ್ಯಗಳನ್ನು ನಿಗದಿತ ಅವಧಿಯಲ್ಲಿ ಕಲ್ಪಿಸಿ, ನಿಲಯ ಪಾಲಕರು ನಿಲಯಗಳಲ್ಲೇ ವಾಸ್ತವ್ಯ ಹೂಡಬೇಕು. ಇಲಾಖೆಯ ಯೋಜನೆಗಳನ್ನು ಅರ್ಹ ಫಲಾನುಭವಿಗಳಿಗೆ ತಲುಪಿಸಬೇಕು ಎಂದು ಸೂಚಿಸಿದರು. ಸಭೆಯಲ್ಲಿ ಇಲಾಖೆಯ ಅಧಿಕಾರಿಗಳು, ನಿಲಯ ಪಾಲಕರು ಹಾಜರಿದ್ದರು.
